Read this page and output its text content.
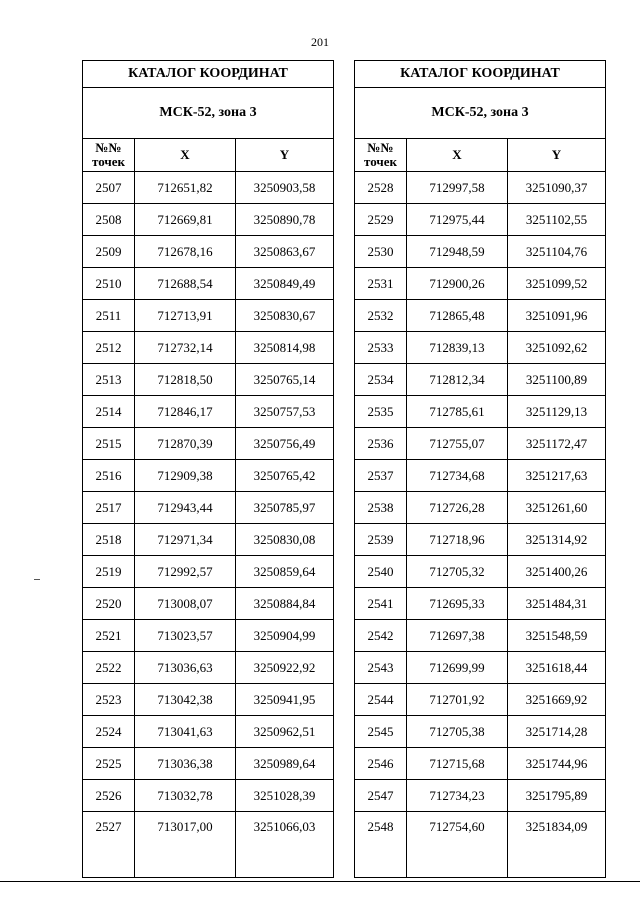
201
КАТАЛОГ КООРДИНАТ		
МСК-52, зона 3		
№№ точек	X	Y
2507	712651,82	3250903,58
2508	712669,81	3250890,78
2509	712678,16	3250863,67
2510	712688,54	3250849,49
2511	712713,91	3250830,67
2512	712732,14	3250814,98
2513	712818,50	3250765,14
2514	712846,17	3250757,53
2515	712870,39	3250756,49
2516	712909,38	3250765,42
2517	712943,44	3250785,97
2518	712971,34	3250830,08
2519	712992,57	3250859,64
2520	713008,07	3250884,84
2521	713023,57	3250904,99
2522	713036,63	3250922,92
2523	713042,38	3250941,95
2524	713041,63	3250962,51
2525	713036,38	3250989,64
2526	713032,78	3251028,39
2527	713017,00	3251066,03
КАТАЛОГ КООРДИНАТ		
МСК-52, зона 3		
№№ точек	X	Y
2528	712997,58	3251090,37
2529	712975,44	3251102,55
2530	712948,59	3251104,76
2531	712900,26	3251099,52
2532	712865,48	3251091,96
2533	712839,13	3251092,62
2534	712812,34	3251100,89
2535	712785,61	3251129,13
2536	712755,07	3251172,47
2537	712734,68	3251217,63
2538	712726,28	3251261,60
2539	712718,96	3251314,92
2540	712705,32	3251400,26
2541	712695,33	3251484,31
2542	712697,38	3251548,59
2543	712699,99	3251618,44
2544	712701,92	3251669,92
2545	712705,38	3251714,28
2546	712715,68	3251744,96
2547	712734,23	3251795,89
2548	712754,60	3251834,09
